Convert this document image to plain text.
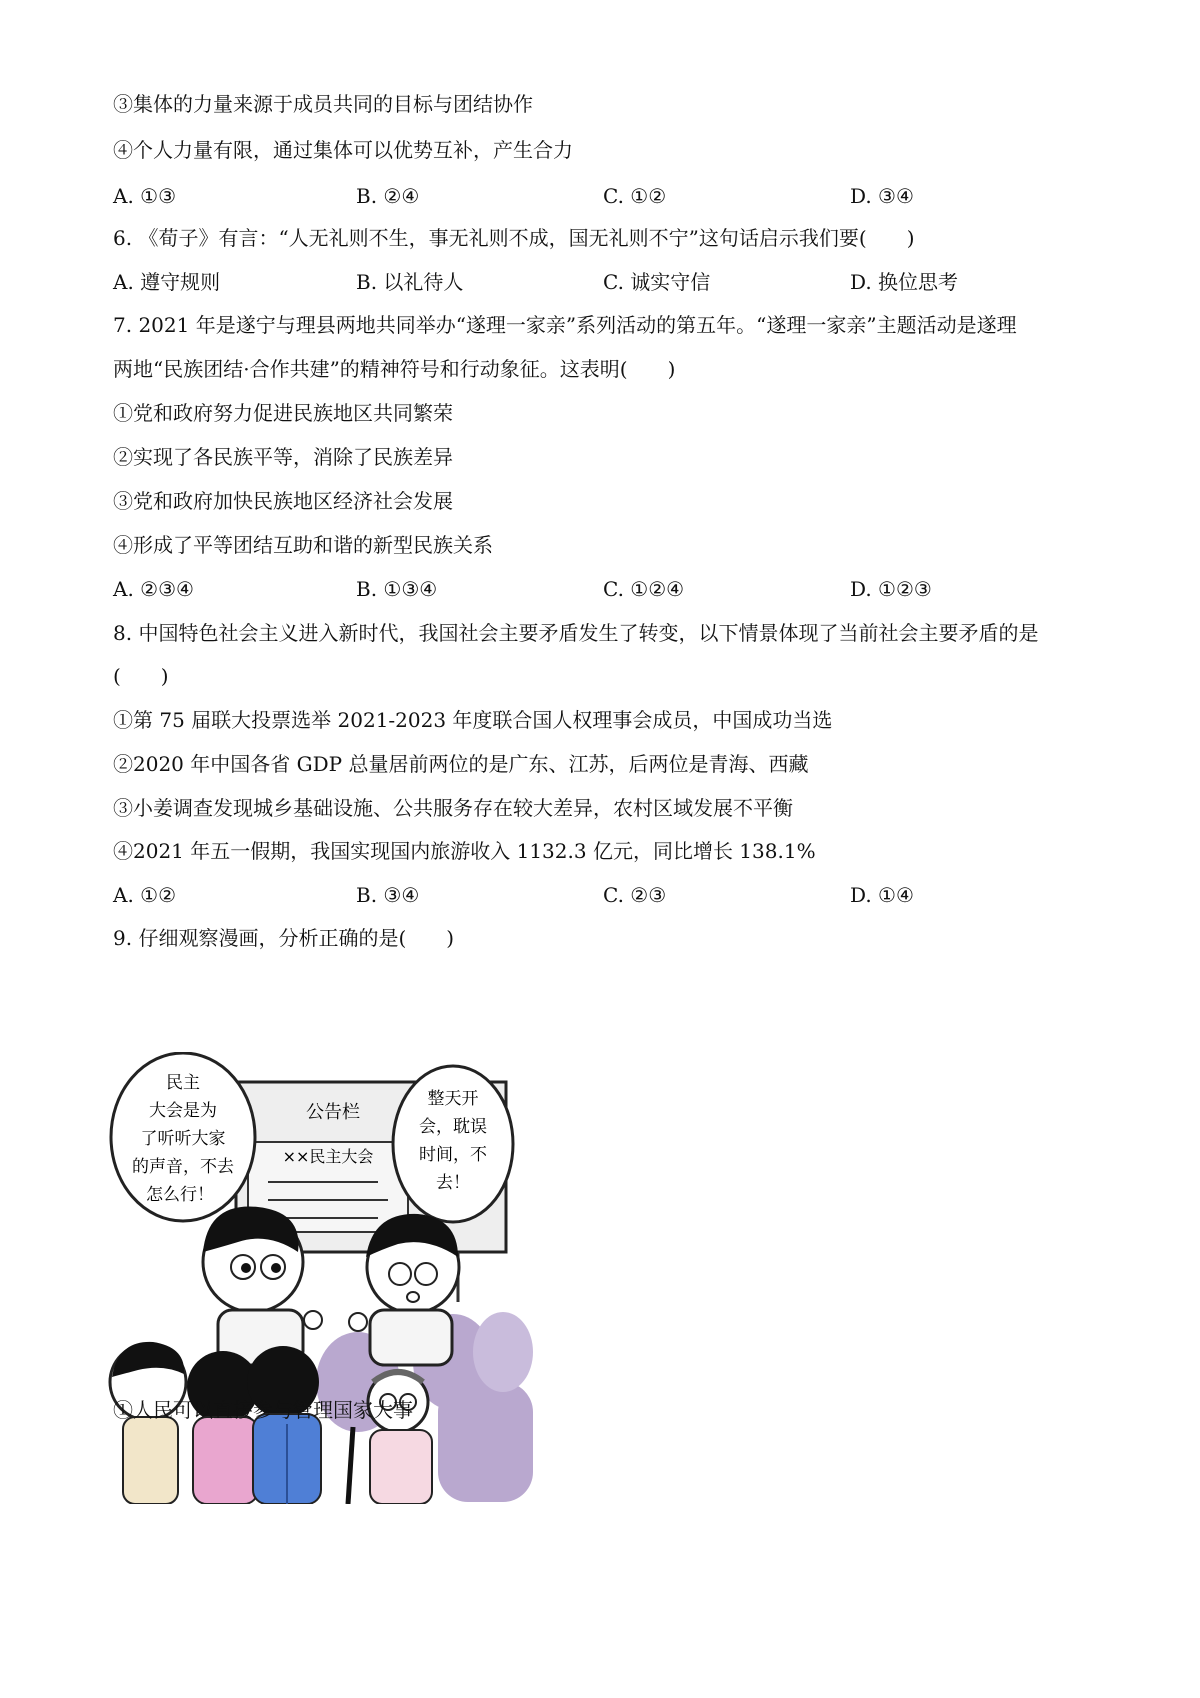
③集体的力量来源于成员共同的目标与团结协作
④个人力量有限，通过集体可以优势互补，产生合力
A. ①③	B. ②④	C. ①②	D. ③④
6. 《荀子》有言：“人无礼则不生，事无礼则不成，国无礼则不宁”这句话启示我们要(　　)
A. 遵守规则	B. 以礼待人	C. 诚实守信	D. 换位思考
7. 2021 年是遂宁与理县两地共同举办“遂理一家亲”系列活动的第五年。“遂理一家亲”主题活动是遂理
两地“民族团结·合作共建”的精神符号和行动象征。这表明(　　)
①党和政府努力促进民族地区共同繁荣
②实现了各民族平等，消除了民族差异
③党和政府加快民族地区经济社会发展
④形成了平等团结互助和谐的新型民族关系
A. ②③④	B. ①③④	C. ①②④	D. ①②③
8. 中国特色社会主义进入新时代，我国社会主要矛盾发生了转变，以下情景体现了当前社会主要矛盾的是
(　　)
①第 75 届联大投票选举 2021-2023 年度联合国人权理事会成员，中国成功当选
②2020 年中国各省 GDP 总量居前两位的是广东、江苏，后两位是青海、西藏
③小姜调查发现城乡基础设施、公共服务存在较大差异，农村区域发展不平衡
④2021 年五一假期，我国实现国内旅游收入 1132.3 亿元，同比增长 138.1%
A. ①②	B. ③④	C. ②③	D. ①④
9. 仔细观察漫画，分析正确的是(　　)
公告栏
××民主大会
民主
大会是为
了听听大家
的声音，不去
怎么行！
整天开
会，耽误
时间，不
去！
①人民可以直接参与管理国家大事
